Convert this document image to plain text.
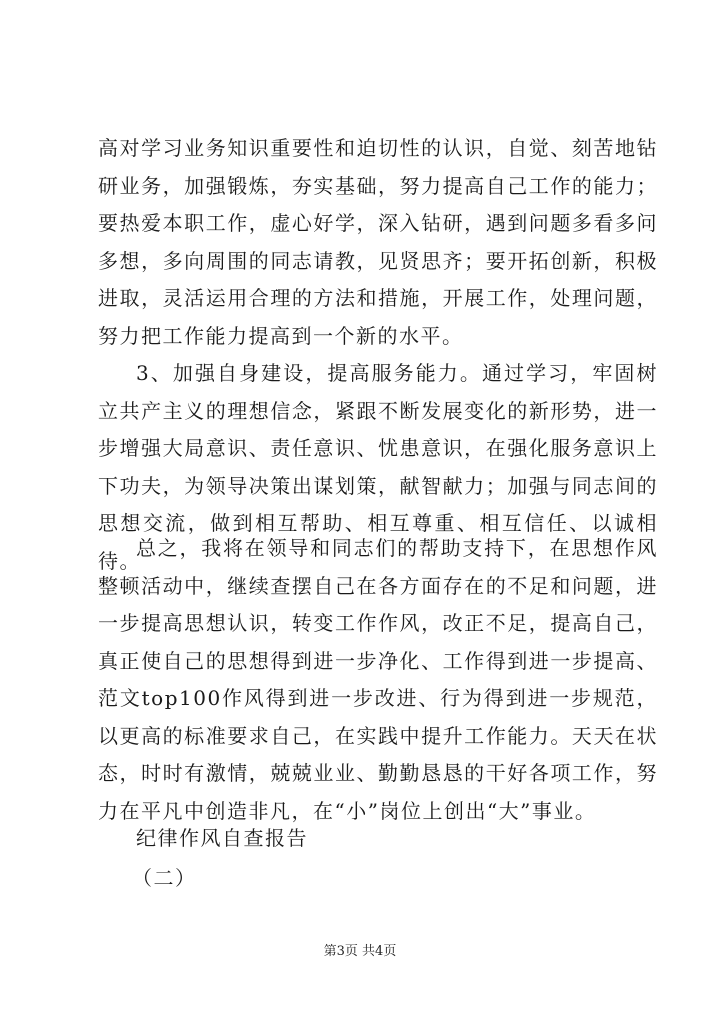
高对学习业务知识重要性和迫切性的认识，自觉、刻苦地钻研业务，加强锻炼，夯实基础，努力提高自己工作的能力；要热爱本职工作，虚心好学，深入钻研，遇到问题多看多问多想，多向周围的同志请教，见贤思齐；要开拓创新，积极进取，灵活运用合理的方法和措施，开展工作，处理问题，努力把工作能力提高到一个新的水平。

3、加强自身建设，提高服务能力。通过学习，牢固树立共产主义的理想信念，紧跟不断发展变化的新形势，进一步增强大局意识、责任意识、忧患意识，在强化服务意识上下功夫，为领导决策出谋划策，献智献力；加强与同志间的思想交流，做到相互帮助、相互尊重、相互信任、以诚相待。

总之，我将在领导和同志们的帮助支持下，在思想作风整顿活动中，继续查摆自己在各方面存在的不足和问题，进一步提高思想认识，转变工作作风，改正不足，提高自己，真正使自己的思想得到进一步净化、工作得到进一步提高、范文top100作风得到进一步改进、行为得到进一步规范，以更高的标准要求自己，在实践中提升工作能力。天天在状态，时时有激情，兢兢业业、勤勤恳恳的干好各项工作，努力在平凡中创造非凡，在“小”岗位上创出“大”事业。

纪律作风自查报告

（二）

第3页 共4页
